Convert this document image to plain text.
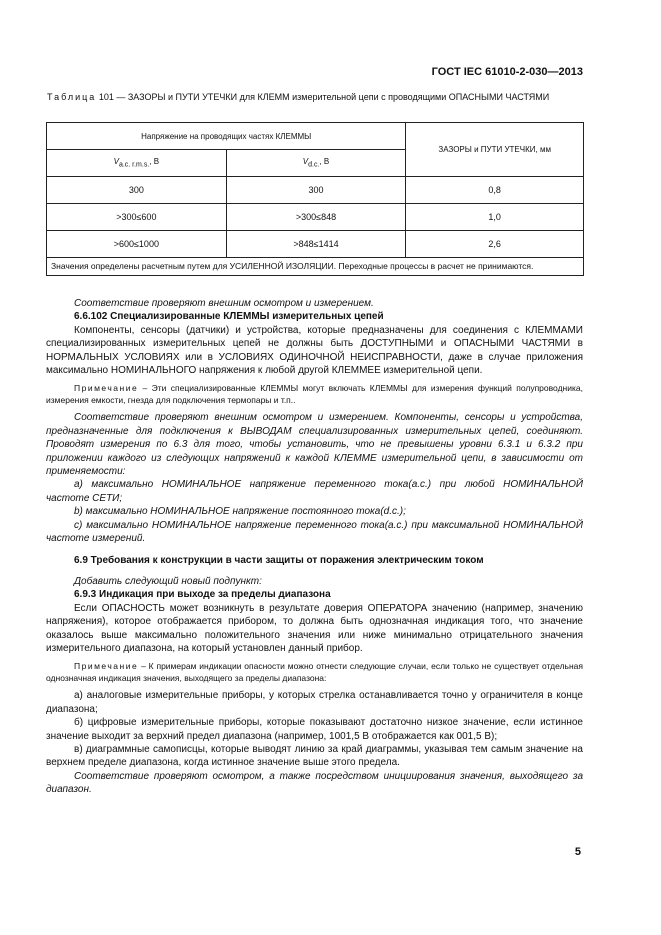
ГОСТ IEC 61010-2-030—2013
Таблица 101 — ЗАЗОРЫ и ПУТИ УТЕЧКИ для КЛЕММ измерительной цепи с проводящими ОПАСНЫМИ ЧАСТЯМИ
Напряжение на проводящих частях КЛЕММЫ		ЗАЗОРЫ и ПУТИ УТЕЧКИ, мм
$V_{a.c. r.m.s.}$, В	$V_{d.c.}$, В	
300	300	0,8
>300≤600	>300≤848	1,0
>600≤1000	>848≤1414	2,6
Значения определены расчетным путем для УСИЛЕННОЙ ИЗОЛЯЦИИ. Переходные процессы в расчет не принимаются.		

Соответствие проверяют внешним осмотром и измерением.

6.6.102 Специализированные КЛЕММЫ измерительных цепей

Компоненты, сенсоры (датчики) и устройства, которые предназначены для соединения с КЛЕММАМИ специализированных измерительных цепей не должны быть ДОСТУПНЫМИ и ОПАСНЫМИ ЧАСТЯМИ в НОРМАЛЬНЫХ УСЛОВИЯХ или в УСЛОВИЯХ ОДИНОЧНОЙ НЕИСПРАВНОСТИ, даже в случае приложения максимально НОМИНАЛЬНОГО напряжения к любой другой КЛЕММЕЕ измерительной цепи.

Примечание – Эти специализированные КЛЕММЫ могут включать КЛЕММЫ для измерения функций полупроводника, измерения емкости, гнезда для подключения термопары и т.п..

Соответствие проверяют внешним осмотром и измерением. Компоненты, сенсоры и устройства, предназначенные для подключения к ВЫВОДАМ специализированных измерительных цепей, соединяют. Проводят измерения по 6.3 для того, чтобы установить, что не превышены уровни 6.3.1 и 6.3.2 при приложении каждого из следующих напряжений к каждой КЛЕММЕ измерительной цепи, в зависимости от применяемости:

а) максимально НОМИНАЛЬНОЕ напряжение переменного тока(a.c.) при любой НОМИНАЛЬНОЙ частоте СЕТИ;

b) максимально НОМИНАЛЬНОЕ напряжение постоянного тока(d.c.);

c) максимально НОМИНАЛЬНОЕ напряжение переменного тока(a.c.) при максимальной НОМИНАЛЬНОЙ частоте измерений.

6.9 Требования к конструкции в части защиты от поражения электрическим током

Добавить следующий новый подпункт:

6.9.3 Индикация при выходе за пределы диапазона

Если ОПАСНОСТЬ может возникнуть в результате доверия ОПЕРАТОРА значению (например, значению напряжения), которое отображается прибором, то должна быть однозначная индикация того, что значение оказалось выше максимально положительного значения или ниже минимально отрицательного значения измерительного диапазона, на который установлен данный прибор.

Примечание – К примерам индикации опасности можно отнести следующие случаи, если только не существует отдельная однозначная индикация значения, выходящего за пределы диапазона:

а) аналоговые измерительные приборы, у которых стрелка останавливается точно у ограничителя в конце диапазона;

б) цифровые измерительные приборы, которые показывают достаточно низкое значение, если истинное значение выходит за верхний предел диапазона (например, 1001,5 В отображается как 001,5 В);

в) диаграммные самописцы, которые выводят линию за край диаграммы, указывая тем самым значение на верхнем пределе диапазона, когда истинное значение выше этого предела.

Соответствие проверяют осмотром, а также посредством инициирования значения, выходящего за диапазон.

5
